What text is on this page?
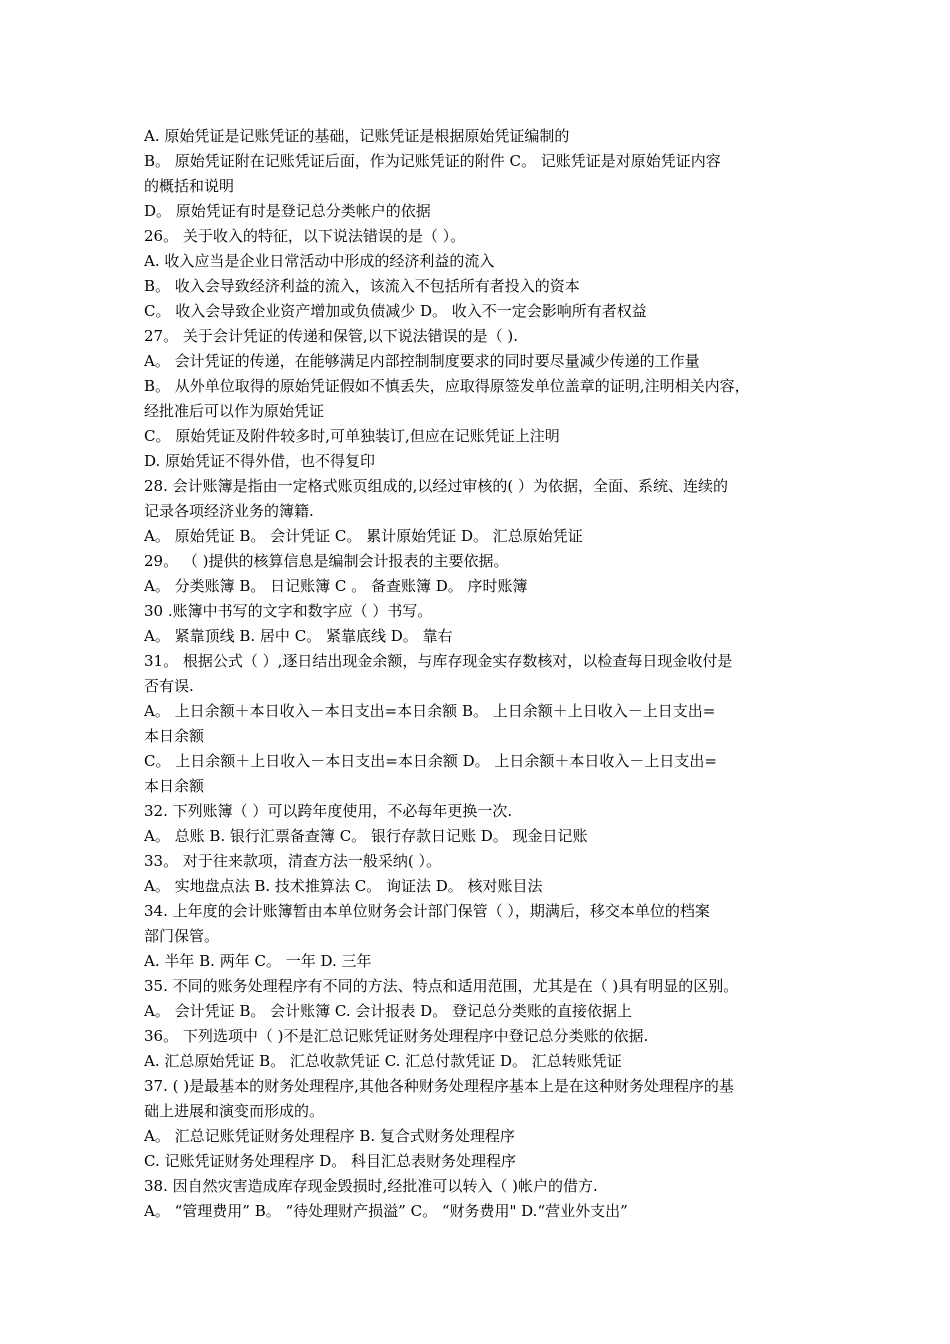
A. 原始凭证是记账凭证的基础，记账凭证是根据原始凭证编制的

B。 原始凭证附在记账凭证后面，作为记账凭证的附件 C。 记账凭证是对原始凭证内容

的概括和说明

D。 原始凭证有时是登记总分类帐户的依据

26。 关于收入的特征，以下说法错误的是（ ）。

A. 收入应当是企业日常活动中形成的经济利益的流入

B。 收入会导致经济利益的流入，该流入不包括所有者投入的资本

C。 收入会导致企业资产增加或负债减少 D。 收入不一定会影响所有者权益

27。 关于会计凭证的传递和保管,以下说法错误的是（ ).

A。 会计凭证的传递，在能够满足内部控制制度要求的同时要尽量减少传递的工作量

B。 从外单位取得的原始凭证假如不慎丢失，应取得原签发单位盖章的证明,注明相关内容，

经批准后可以作为原始凭证

C。 原始凭证及附件较多时,可单独装订,但应在记账凭证上注明

D. 原始凭证不得外借，也不得复印

28. 会计账簿是指由一定格式账页组成的,以经过审核的( ）为依据，全面、系统、连续的

记录各项经济业务的簿籍.

A。 原始凭证 B。 会计凭证 C。 累计原始凭证 D。 汇总原始凭证

29。 （ )提供的核算信息是编制会计报表的主要依据。

A。 分类账簿 B。 日记账簿 C 。 备查账簿 D。 序时账簿

30 .账簿中书写的文字和数字应（ ）书写。

A。 紧靠顶线 B. 居中 C。 紧靠底线 D。 靠右

31。 根据公式（ ）,逐日结出现金余额，与库存现金实存数核对，以检查每日现金收付是

否有误.

A。 上日余额＋本日收入－本日支出=本日余额 B。 上日余额＋上日收入－上日支出=

本日余额

C。 上日余额＋上日收入－本日支出=本日余额 D。 上日余额＋本日收入－上日支出=

本日余额

32. 下列账簿（ ）可以跨年度使用，不必每年更换一次.

A。 总账 B. 银行汇票备查簿 C。 银行存款日记账 D。 现金日记账

33。 对于往来款项，清查方法一般采纳( ）。

A。 实地盘点法 B. 技术推算法 C。 询证法 D。 核对账目法

34. 上年度的会计账簿暂由本单位财务会计部门保管（ ），期满后，移交本单位的档案

部门保管。

A. 半年 B. 两年 C。 一年 D. 三年

35. 不同的账务处理程序有不同的方法、特点和适用范围，尤其是在（ )具有明显的区别。

A。 会计凭证 B。 会计账簿 C. 会计报表 D。 登记总分类账的直接依据上

36。 下列选项中（ )不是汇总记账凭证财务处理程序中登记总分类账的依据.

A. 汇总原始凭证 B。 汇总收款凭证 C. 汇总付款凭证 D。 汇总转账凭证

37. ( )是最基本的财务处理程序,其他各种财务处理程序基本上是在这种财务处理程序的基

础上进展和演变而形成的。

A。 汇总记账凭证财务处理程序 B. 复合式财务处理程序

C. 记账凭证财务处理程序 D。 科目汇总表财务处理程序

38. 因自然灾害造成库存现金毁损时,经批准可以转入（ )帐户的借方.

A。 “管理费用” B。 “待处理财产损溢” C。 “财务费用" D.“营业外支出”
